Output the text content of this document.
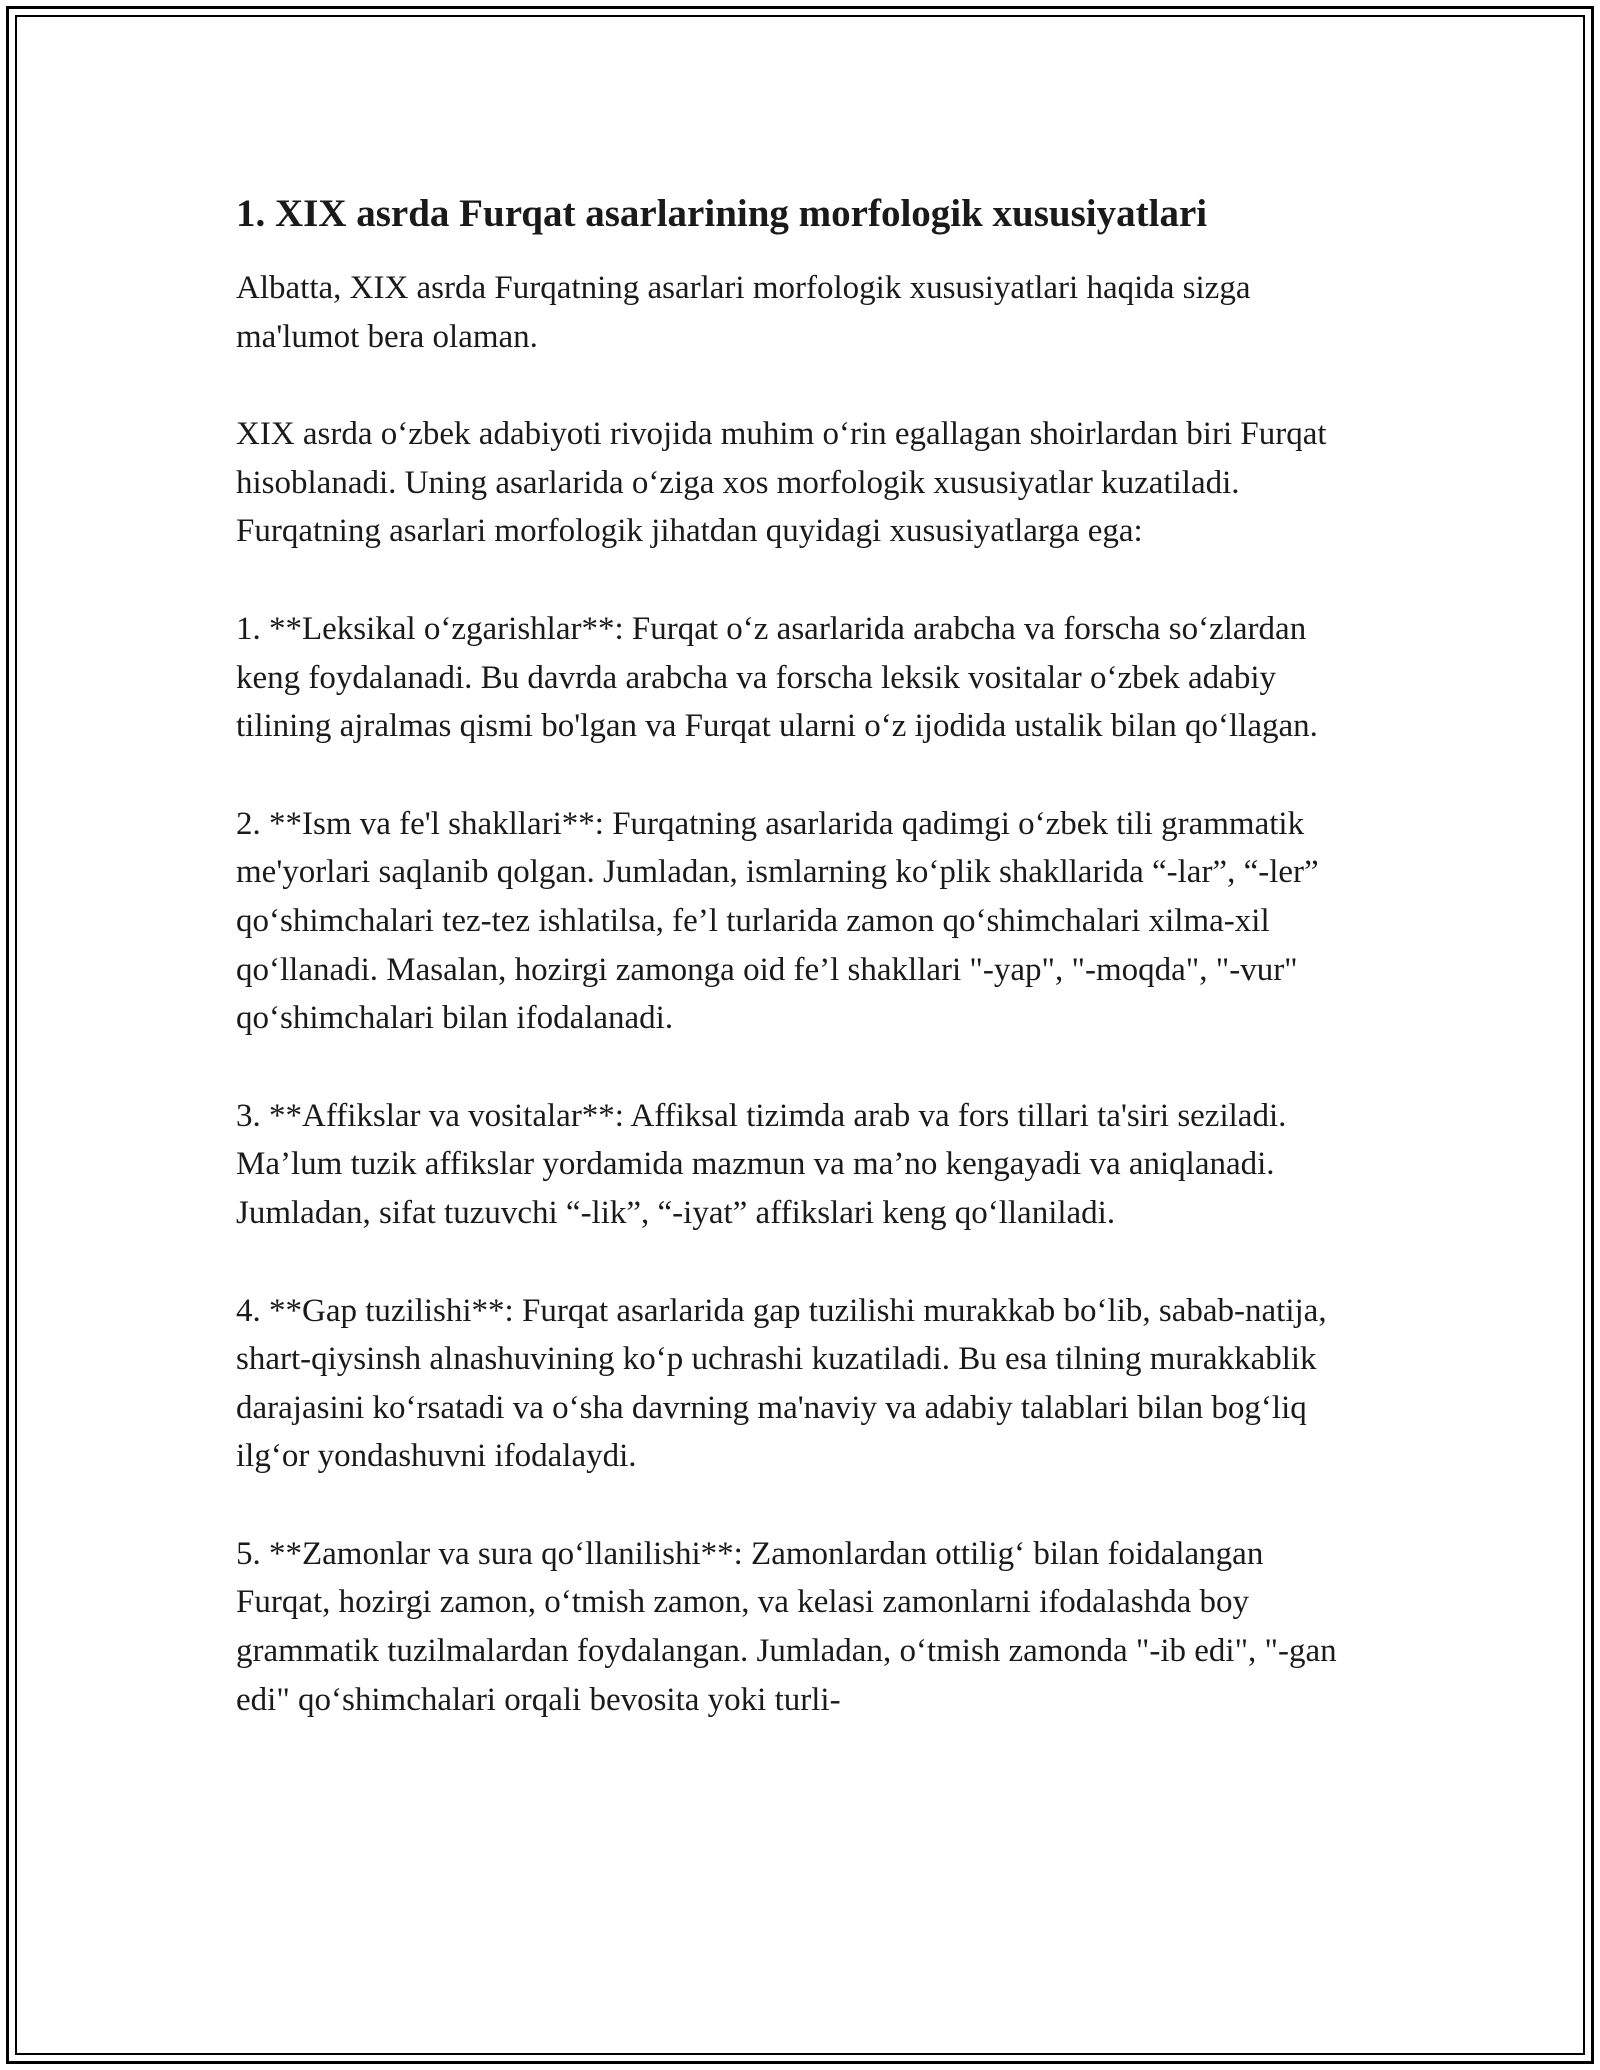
1. XIX asrda Furqat asarlarining morfologik xususiyatlari

Albatta, XIX asrda Furqatning asarlari morfologik xususiyatlari haqida sizga ma'lumot bera olaman.

XIX asrda oʻzbek adabiyoti rivojida muhim oʻrin egallagan shoirlardan biri Furqat hisoblanadi. Uning asarlarida oʻziga xos morfologik xususiyatlar kuzatiladi. Furqatning asarlari morfologik jihatdan quyidagi xususiyatlarga ega:

1. **Leksikal oʻzgarishlar**: Furqat oʻz asarlarida arabcha va forscha soʻzlardan keng foydalanadi. Bu davrda arabcha va forscha leksik vositalar oʻzbek adabiy tilining ajralmas qismi bo'lgan va Furqat ularni oʻz ijodida ustalik bilan qoʻllagan.

2. **Ism va fe'l shakllari**: Furqatning asarlarida qadimgi oʻzbek tili grammatik me'yorlari saqlanib qolgan. Jumladan, ismlarning koʻplik shakllarida “-lar”, “-ler” qoʻshimchalari tez-tez ishlatilsa, fe’l turlarida zamon qoʻshimchalari xilma-xil qoʻllanadi. Masalan, hozirgi zamonga oid fe’l shakllari "-yap", "-moqda", "-vur" qoʻshimchalari bilan ifodalanadi.

3. **Affikslar va vositalar**: Affiksal tizimda arab va fors tillari ta'siri seziladi. Ma’lum tuzik affikslar yordamida mazmun va ma’no kengayadi va aniqlanadi. Jumladan, sifat tuzuvchi “-lik”, “-iyat” affikslari keng qoʻllaniladi.

4. **Gap tuzilishi**: Furqat asarlarida gap tuzilishi murakkab boʻlib, sabab-natija, shart-qiysinsh alnashuvining koʻp uchrashi kuzatiladi. Bu esa tilning murakkablik darajasini koʻrsatadi va oʻsha davrning ma'naviy va adabiy talablari bilan bogʻliq ilgʻor yondashuvni ifodalaydi.

5. **Zamonlar va sura qoʻllanilishi**: Zamonlardan ottiligʻ bilan foidalangan Furqat, hozirgi zamon, oʻtmish zamon, va kelasi zamonlarni ifodalashda boy grammatik tuzilmalardan foydalangan. Jumladan, oʻtmish zamonda "-ib edi", "-gan edi" qoʻshimchalari orqali bevosita yoki turli-
